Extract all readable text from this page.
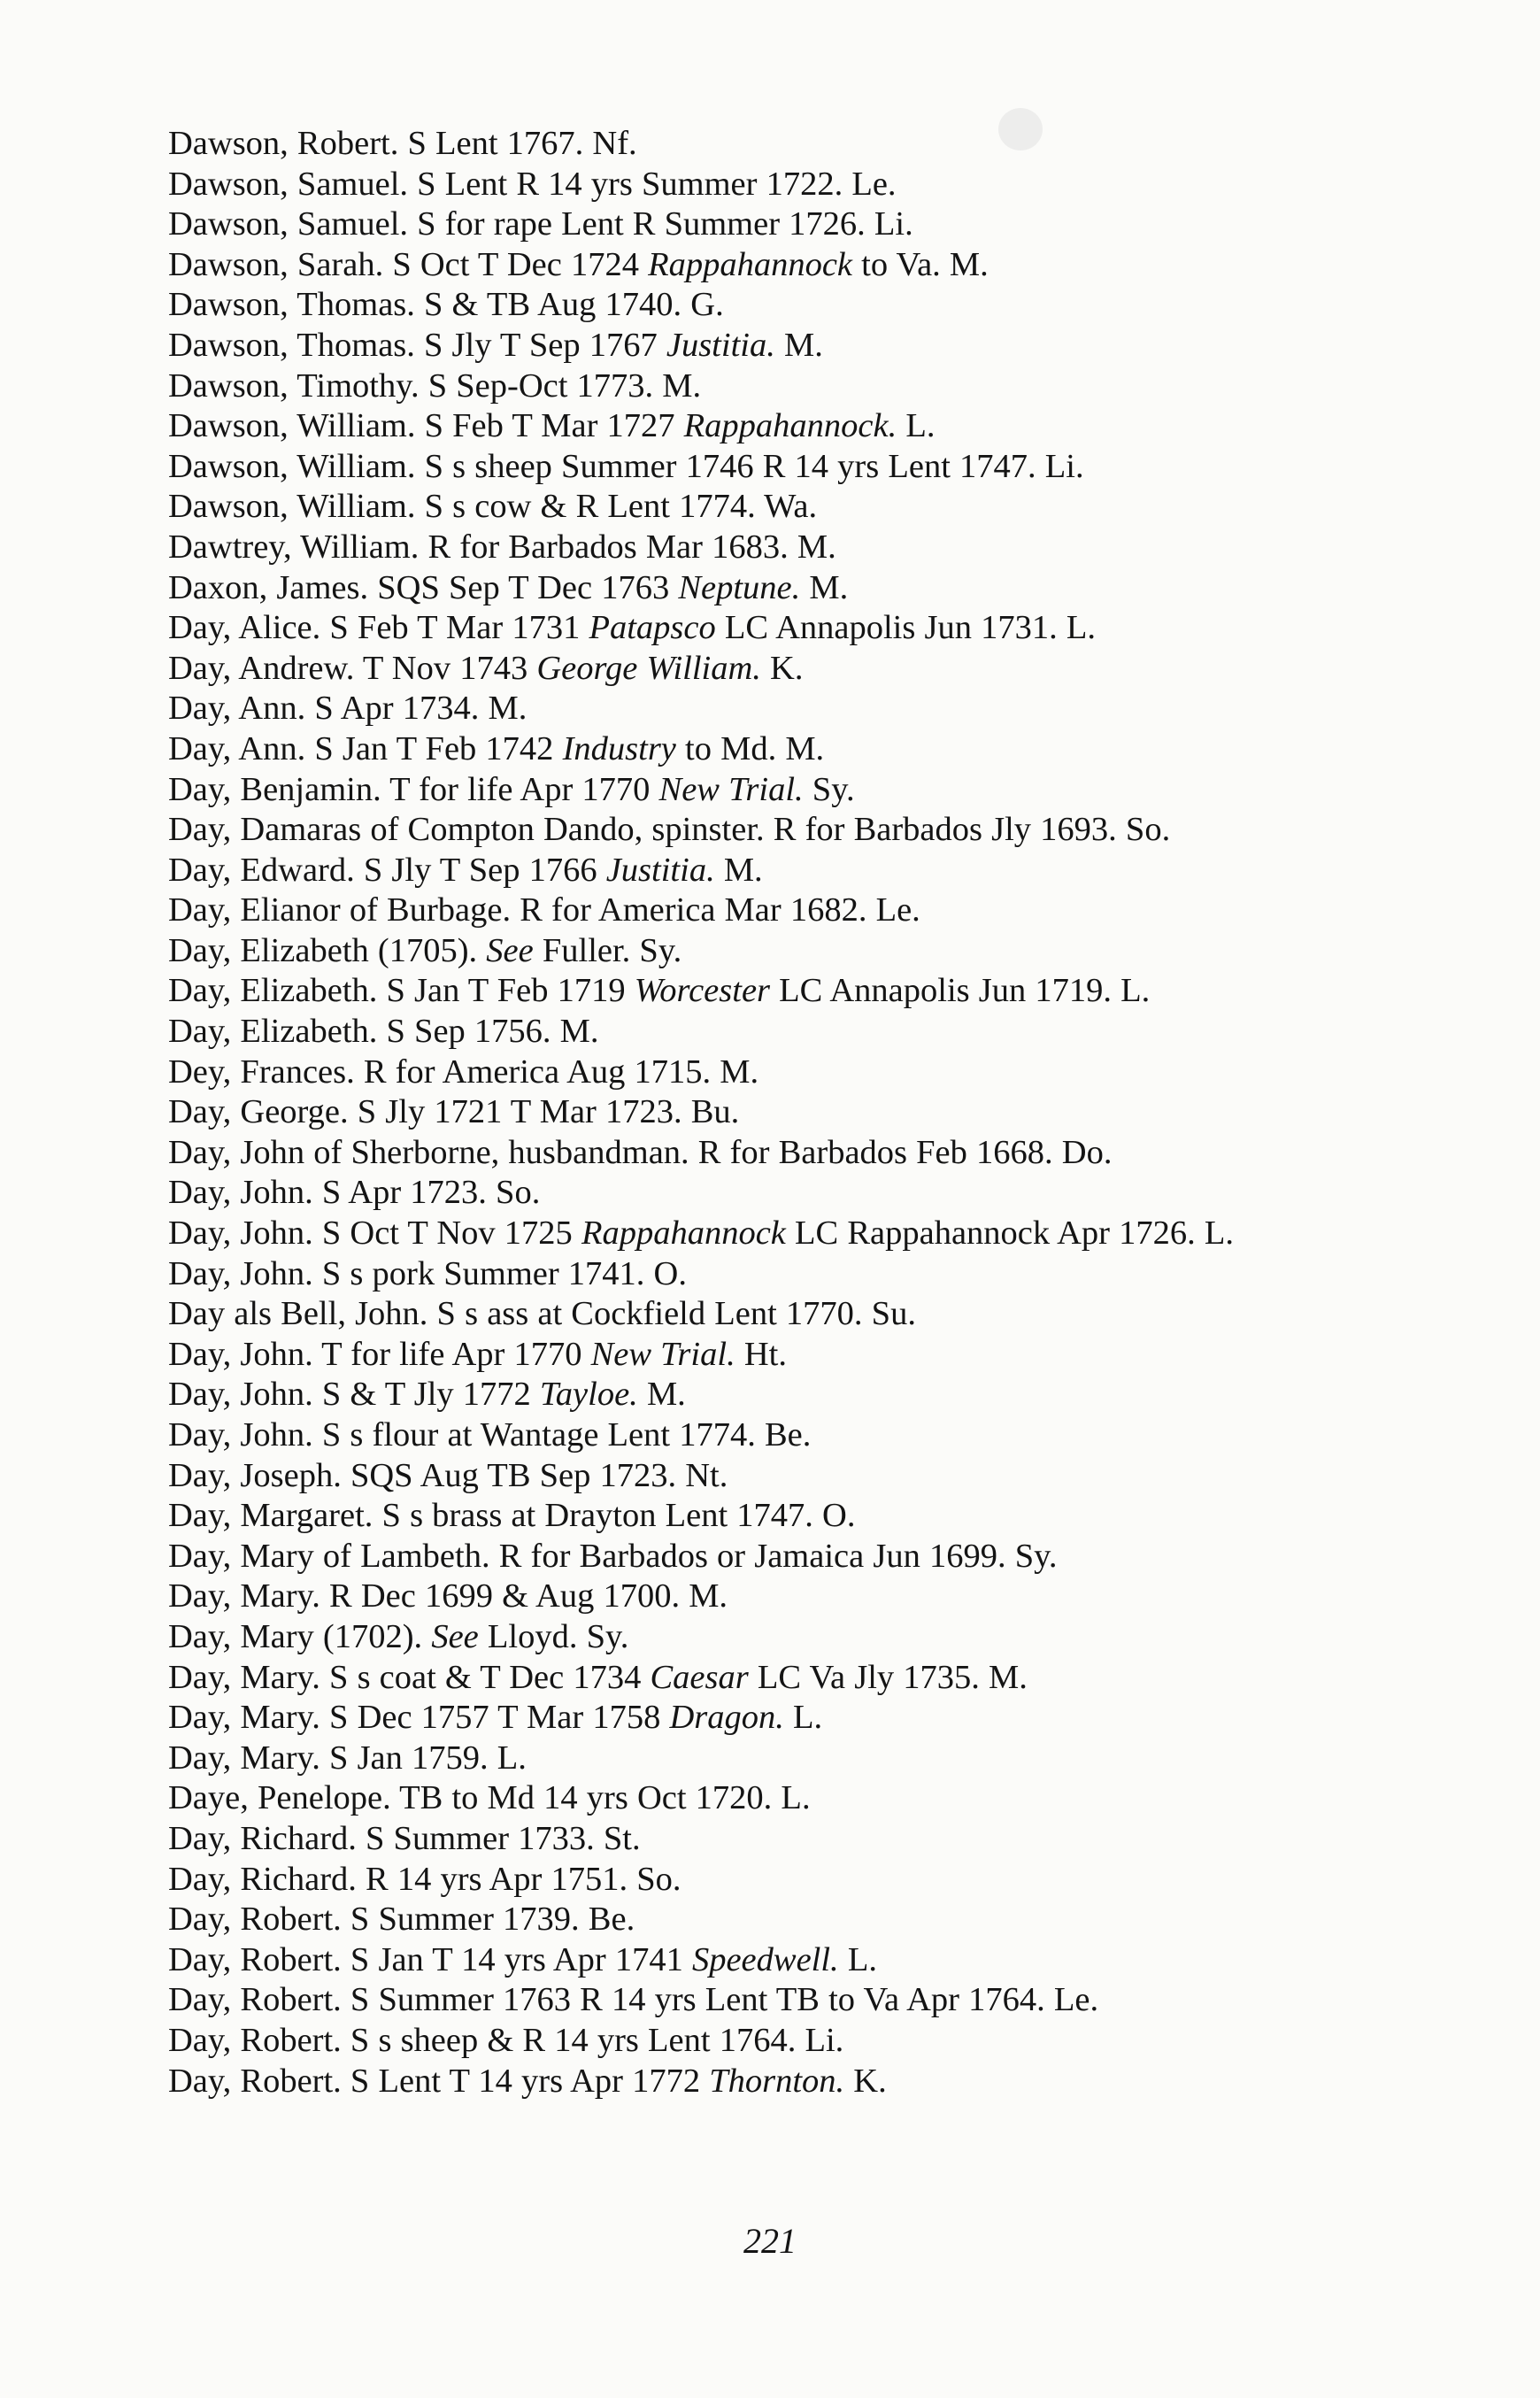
Dawson, Robert. S Lent 1767. Nf.
Dawson, Samuel. S Lent R 14 yrs Summer 1722. Le.
Dawson, Samuel. S for rape Lent R Summer 1726. Li.
Dawson, Sarah. S Oct T Dec 1724 Rappahannock to Va. M.
Dawson, Thomas. S & TB Aug 1740. G.
Dawson, Thomas. S Jly T Sep 1767 Justitia. M.
Dawson, Timothy. S Sep-Oct 1773. M.
Dawson, William. S Feb T Mar 1727 Rappahannock. L.
Dawson, William. S s sheep Summer 1746 R 14 yrs Lent 1747. Li.
Dawson, William. S s cow & R Lent 1774. Wa.
Dawtrey, William. R for Barbados Mar 1683. M.
Daxon, James. SQS Sep T Dec 1763 Neptune. M.
Day, Alice. S Feb T Mar 1731 Patapsco LC Annapolis Jun 1731. L.
Day, Andrew. T Nov 1743 George William. K.
Day, Ann. S Apr 1734. M.
Day, Ann. S Jan T Feb 1742 Industry to Md. M.
Day, Benjamin. T for life Apr 1770 New Trial. Sy.
Day, Damaras of Compton Dando, spinster. R for Barbados Jly 1693. So.
Day, Edward. S Jly T Sep 1766 Justitia. M.
Day, Elianor of Burbage. R for America Mar 1682. Le.
Day, Elizabeth (1705). See Fuller. Sy.
Day, Elizabeth. S Jan T Feb 1719 Worcester LC Annapolis Jun 1719. L.
Day, Elizabeth. S Sep 1756. M.
Dey, Frances. R for America Aug 1715. M.
Day, George. S Jly 1721 T Mar 1723. Bu.
Day, John of Sherborne, husbandman. R for Barbados Feb 1668. Do.
Day, John. S Apr 1723. So.
Day, John. S Oct T Nov 1725 Rappahannock LC Rappahannock Apr 1726. L.
Day, John. S s pork Summer 1741. O.
Day als Bell, John. S s ass at Cockfield Lent 1770. Su.
Day, John. T for life Apr 1770 New Trial. Ht.
Day, John. S & T Jly 1772 Tayloe. M.
Day, John. S s flour at Wantage Lent 1774. Be.
Day, Joseph. SQS Aug TB Sep 1723. Nt.
Day, Margaret. S s brass at Drayton Lent 1747. O.
Day, Mary of Lambeth. R for Barbados or Jamaica Jun 1699. Sy.
Day, Mary. R Dec 1699 & Aug 1700. M.
Day, Mary (1702). See Lloyd. Sy.
Day, Mary. S s coat & T Dec 1734 Caesar LC Va Jly 1735. M.
Day, Mary. S Dec 1757 T Mar 1758 Dragon. L.
Day, Mary. S Jan 1759. L.
Daye, Penelope. TB to Md 14 yrs Oct 1720. L.
Day, Richard. S Summer 1733. St.
Day, Richard. R 14 yrs Apr 1751. So.
Day, Robert. S Summer 1739. Be.
Day, Robert. S Jan T 14 yrs Apr 1741 Speedwell. L.
Day, Robert. S Summer 1763 R 14 yrs Lent TB to Va Apr 1764. Le.
Day, Robert. S s sheep & R 14 yrs Lent 1764. Li.
Day, Robert. S Lent T 14 yrs Apr 1772 Thornton. K.
221
